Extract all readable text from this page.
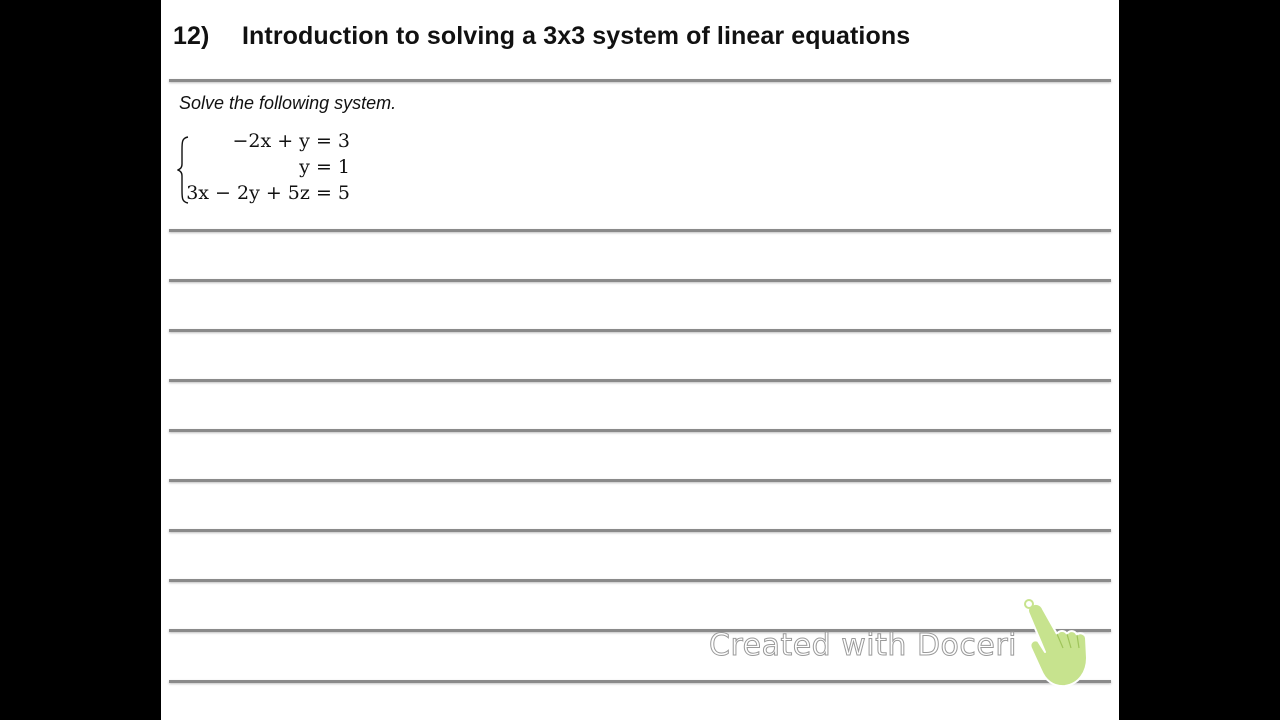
12) Introduction to solving a 3x3 system of linear equations
Solve the following system.
−2x + y = 3
y = 1
3x − 2y + 5z = 5
Created with Doceri
